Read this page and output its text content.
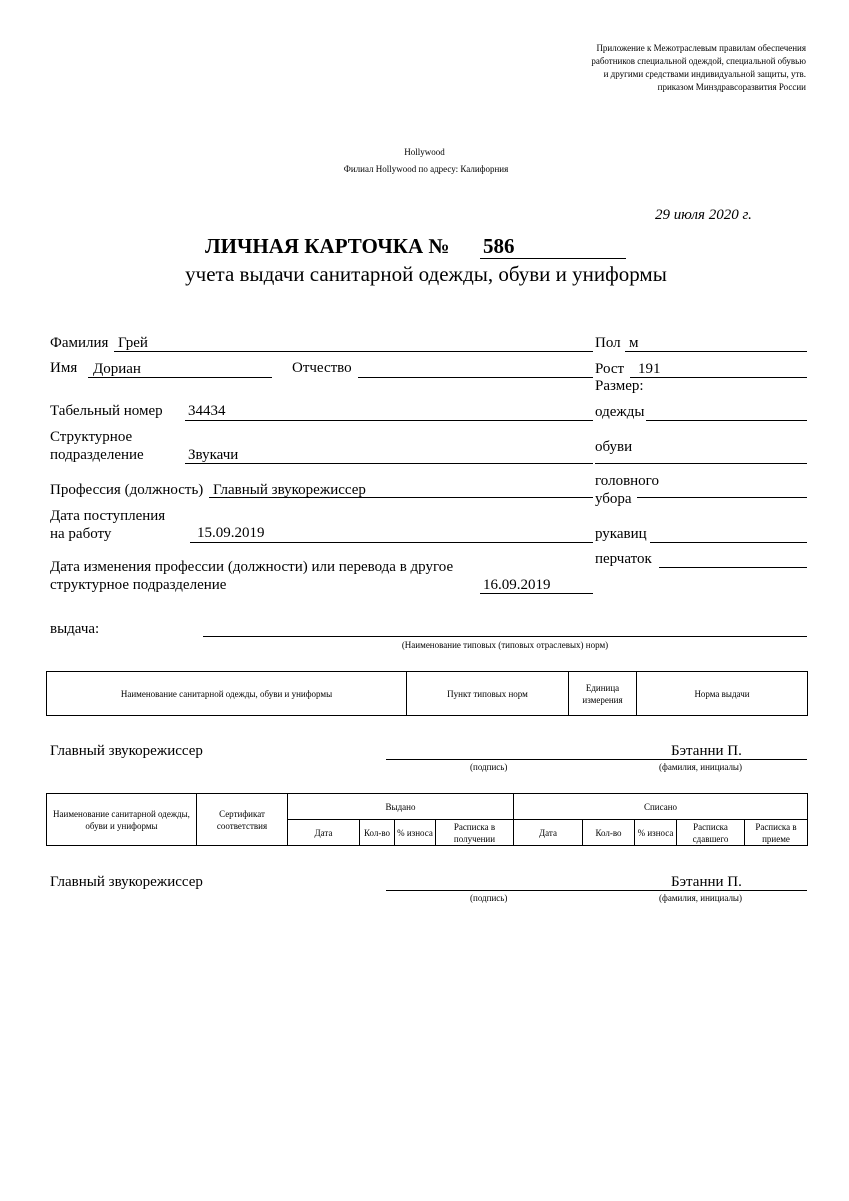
Приложение к Межотраслевым правилам обеспечения
работников специальной одеждой, специальной обувью
и другими средствами индивидуальной защиты, утв.
приказом Минздравсоразвития России
Hollywood
Филиал Hollywood по адресу: Калифорния
29 июля 2020 г.
ЛИЧНАЯ КАРТОЧКА № 586
учета выдачи санитарной одежды, обуви и униформы
Фамилия Грей
Имя Дориан	Отчество
Табельный номер 34434
Структурное
подразделение	Звукачи
Профессия (должность) Главный звукорежиссер
Дата поступления
на работу	15.09.2019
Дата изменения профессии (должности) или перевода в другое
структурное подразделение	16.09.2019
выдача:
(Наименование типовых (типовых отраслевых) норм)
Пол м
Рост 191
Размер:
одежды
обуви
головного
убора
рукавиц
перчаток
Наименование санитарной одежды, обуви и униформы	Пункт типовых норм	Единица измерения	Норма выдачи
Главный звукорежиссер	Бэтанни П.
(подпись)	(фамилия, инициалы)
Наименование санитарной одежды, обуви и униформы	Сертификат соответствия	Выдано				Списано				
		Дата	Кол-во	% износа	Расписка в получении	Дата	Кол-во	% износа	Расписка сдавшего	Расписка в приеме
Главный звукорежиссер	Бэтанни П.
(подпись)	(фамилия, инициалы)
